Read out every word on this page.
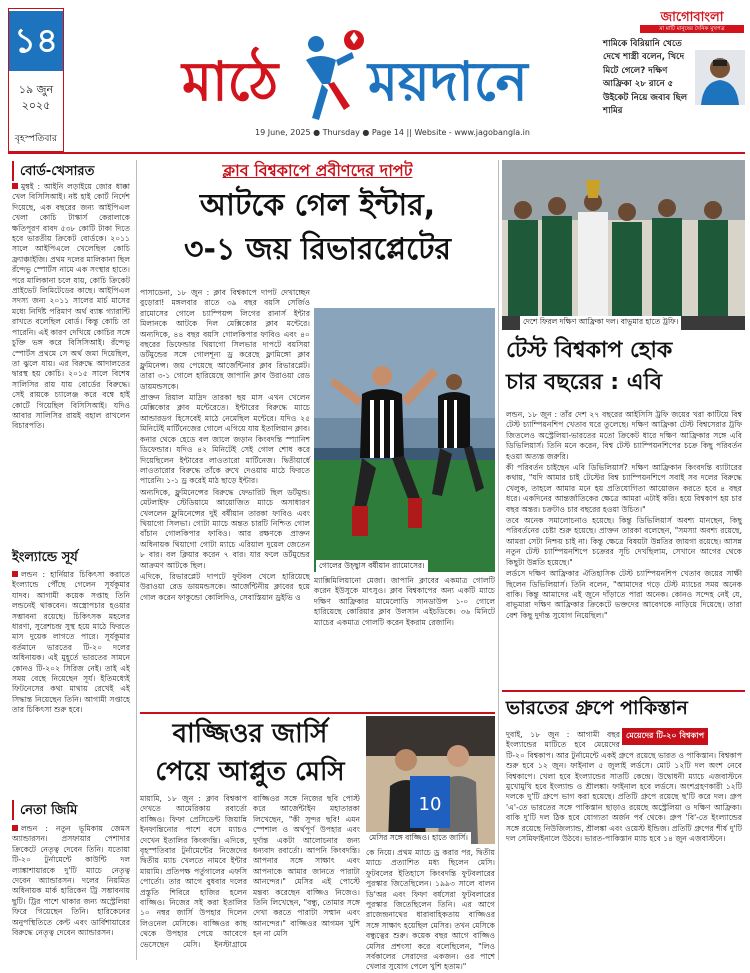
১৪
১৯ জুন
২০২৫
বৃহস্পতিবার
মাঠে ময়দানে
19 June, 2025 ● Thursday ● Page 14 || Website - www.jagobangla.in
জাগোবাংলা
মা মাটি মানুষের দৈনিক মুখপত্র
শামিকে বিরিয়ানি খেতে দেখে শাস্ত্রী বলেন, খিদে মিটে গেলে? দক্ষিণ আফ্রিকা ২৮ রানে ৫ উইকেট নিয়ে জবাব ছিল শামির
বোর্ড-খেসারত

মুম্বই : আইনি লড়াইয়ে জোর ধাক্কা খেল বিসিসিআই। নষ্ট হাই কোর্ট নির্দেশ দিয়েছে, এক বছরের জন্য আইপিএল খেলা কোচি টাস্কার্স কেরালাকে ক্ষতিপূরণ বাবদ ৫৩৮ কোটি টাকা দিতে হবে ভারতীয় ক্রিকেট বোর্ডকে। ২০১১ সালে আইপিএলে খেলেছিল কোচি ফ্র্যাঞ্চাইজি। প্রথম দলের মালিকানা ছিল রঁন্দেভু স্পোর্টস নামে এক সংস্থার হাতে। পরে মালিকানা চলে যায়, কোচি ক্রিকেট প্রাইভেট লিমিটেডের কাছে। আইপিএল সদস্য জন্য ২০১১ সালের মার্চ মাসের মধ্যে নির্দিষ্ট পরিমাণ অর্থ ব্যাঙ্ক গ্যারান্টি রাখতে বলেছিল বোর্ড। কিন্তু কোচি তা পারেনি। এই কারণ দেখিয়ে কোচির সঙ্গে চুক্তি ভঙ্গ করে বিসিসিআই। রঁন্দেভু স্পোর্টস প্রথমে সে অর্থ জমা দিয়েছিল, তা ঝুলে যায়। এর বিরুদ্ধে আদালতের দ্বারস্থ হয় কোচি। ২০১৫ সালে বিশেষ সালিসির রায় যায় বোর্ডের বিরুদ্ধে। সেই রায়কে চ্যালেঞ্জ করে বম্বে হাই কোর্টে গিয়েছিল বিসিসিআই। যদিও আবার সালিসির রায়ই বহাল রাখলেন বিচারপতি।

ইংল্যান্ডে সূর্য

লন্ডন : হার্নিয়ার চিকিৎসা করাতে ইংল্যান্ডে পৌঁছে গেলেন সূর্যকুমার যাদব। আগামী কয়েক সপ্তাহ তিনি লন্ডনেই থাকবেন। অস্ত্রোপচার হওয়ার সম্ভাবনা রয়েছে। চিকিৎসক মহলের ধারণা, সুরেশচন্দ্র সুস্থ হয়ে মাঠে ফিরতে মাস দুয়েক লাগতে পারে। সূর্যকুমার বর্তমানে ভারতের টি-২০ দলের অধিনায়ক। এই মুহূর্তে ভারতের সামনে কোনও টি-২০২ সিরিজ নেই। তাই এই সময় বেছে নিয়েছেন সূর্য। ইতিমধ্যেই ফিটনেসের কথা মাথায় রেখেই এই সিদ্ধান্ত নিয়েছেন তিনি। আগামী সপ্তাহে তার চিকিৎসা শুরু হবে।

নেতা জিমি

লন্ডন : নতুন ভূমিকায় জেমস অ্যান্ডারসন। প্রসফায়ার পেশাদার ক্রিকেটে নেতৃত্ব দেবেন তিনি। যতোয়া টি-২০ টুর্নামেন্টে কাউন্টি দল ল্যাঙ্কাশায়ারকে দু'টি ম্যাচে নেতৃত্ব দেবেন অ্যান্ডারসন। দলের নিয়মিত অধিনায়ক মার্ক হারিকেন ট্রি সম্ভাবনায় ছুটি। ট্রির পাশে থাকার জন্য অস্ট্রেলিয়া ফিরে গিয়েছেন তিনি। হারিকেনের অনুপস্থিতিতে কেন্ট এবং ডার্বিশায়ারের বিরুদ্ধে নেতৃত্ব দেবেন অ্যান্ডারসন।

ক্লাব বিশ্বকাপে প্রবীণদের দাপট
আটকে গেল ইন্টার,
৩-১ জয় রিভারপ্লেটের

পাসাডেনা, ১৮ জুন : ক্লাব বিশ্বকাপে দাপট দেখাচ্ছেন বুড়োরা! মঙ্গলবার রাতে ৩৯ বছর বয়সি সের্জিও রামোসের গোলে চ্যাম্পিয়ন্স লিগের রানার্স ইন্টার মিলানকে আটকে দিল মেক্সিকোর ক্লাব মন্টেরে। অন্যদিকে, ৪৪ বছর বয়সি গোলকিপার ফাবিও এবং ৪০ বছরের ডিফেন্ডার থিয়াগো সিলভার দাপটে বয়সিয়া ডর্টমুন্ডের সঙ্গে গোলশূন্য ড্র করেছে ফ্লামিঙ্গো ক্লাব ফ্লুমিনেন্স। জয় পেয়েছে আর্জেন্টিনার ক্লাব রিভারপ্লেট। তারা ৩-১ গোলে হারিয়েছে জাপানি ক্লাব উরাওয়া রেড ডায়মন্ডসকে।

প্রাক্তন রিয়াল মাদ্রিদ তারকা ছয় মাস এখন খেলেন মেক্সিকোর ক্লাব মন্টেরেতে। ইন্টারের বিরুদ্ধে ম্যাচে আন্ডারডগ হিসেবেই মাঠে নেমেছিল মন্টেরে। যদিও ২৫ মিনিটেই মার্টিনেজের গোলে এগিয়ে যায় ইতালিয়ান ক্লাব। কনার থেকে হেডে বল জালে জড়ান কিংবদন্তি স্প্যানিশ ডিফেন্ডার। যদিও ৪২ মিনিটেই সেই গোল শোধ করে দিয়েছিলেন ইন্টারের লাওতারো মার্টিনেজ। দ্বিতীয়ার্ধে লাওতারোর বিরুদ্ধে তাঁকে রুখে দেওয়ায় মাঠে ফিরতে পারেনি। ১-১ ড্র করেই মাঠ ছাড়ে ইন্টার।

অন্যদিকে, ফ্লুমিনেন্সের বিরুদ্ধে ফেভারিট ছিল ডর্টমুন্ড। মেটলাইফ স্টেডিয়ামে আয়োজিত ম্যাচে অসাধারণ খেললেন ফ্লুমিনেন্সের দুই বর্ষীয়ান তারকা ফাবিও এবং থিয়াগো সিলভা। গোটা ম্যাচে অন্তত চারটি নিশ্চিত গোল বাঁচান গোলকিপার ফাবিও। আর রক্ষণকে প্রাক্তন অধিনায়ক থিয়াগো গোটা ম্যাচে এরিয়াল দুয়েল জেতেন ৮ বার। বল ক্লিয়ার করেন ৭ বার। যার ফলে ডর্টমুন্ডের আক্রমণ আটকে ছিল।

এদিকে, রিভারপ্লেট দাপটে ফুটবল খেলে হারিয়েছে উরাওয়া রেড ডায়মন্ডসকে। আর্জেন্টিনীয় ক্লাবের হয়ে গোল করেন ফাকুন্ডো কোলিদিও, সেবাস্তিয়ান ড্রইভি ও

গোলের উচ্ছ্বাস বর্ষীয়ান র‍্যামোসের।

ম্যাক্সিমিলিয়ানো মেজা। জাপানি ক্লাবের একমাত্র গোলটি করেন ইউসুকে মাৎসুও। ক্লাব বিশ্বকাপের অন্য একটি ম্যাচে দক্ষিণ আফ্রিকার মামেলোডি সানডাউন্স ১-০ গোলে হারিয়েছে কোরিয়ার ক্লাব উলসান এইচডিকে। ৩৬ মিনিটে ম্যাচের একমাত্র গোলটি করেন ইকরাম রেজানি।

বাজ্জিওর জার্সি
পেয়ে আপ্লুত মেসি
10
মেসির সঙ্গে বাজ্জিও। হাতে জার্সি।
মায়ামি, ১৮ জুন : ক্লাব বিশ্বকাপ দেখতে আমেরিকায় রবার্তো বাজ্জিও। ফিফা প্রেসিডেন্ট জিয়ান্নি ইনফান্তিনোর পাশে বসে ম্যাচও দেখেন ইতালির কিংবদন্তি। এদিকে, বৃহস্পতিবার টুর্নামেন্টের নিজেদের দ্বিতীয় ম্যাচ খেলতে নামবে ইন্টার মায়ামি। প্রতিপক্ষ পর্তুগালের এফসি পোর্তো। তার আগে বুধবার দলের প্রস্তুতি শিবিরে হাজির হলেন বাজ্জিও। নিজের সই করা ইতালির ১০ নম্বর জার্সি উপহার দিলেন লিওনেল মেসিকে। বাজ্জিওর কাছ থেকে উপহার পেয়ে আবেগে ভেসেছেন মেসি। ইনস্টাগ্রামে বাজ্জিওর সঙ্গে নিজের ছবি পোস্ট করে আর্জেন্টাইন মহাতারকা লিখেছেন, "কী সুন্দর ছবি! এমন স্পেশাল ও অর্থপূর্ণ উপহার এবং দুর্দান্ত একটা আলোচনার জন্য ধন্যবাদ রবার্তো। আপনি কিংবদন্তি। আপনার সঙ্গে সাক্ষাৎ এবং আপনাকে আমার জানতে পারাটা আনন্দের।" মেসির এই পোস্টে মন্তব্য করেছেন বাজ্জিও নিজেও। তিনি লিখেছেন, "বন্ধু, তোমার সঙ্গে দেখা করতে পারাটা সম্মান এবং আনন্দের।" বাজ্জিওর আগমন খুশি হন না মেসি
কে নিয়ে। প্রথম ম্যাচে ড্র করার পর, দ্বিতীয় ম্যাচে প্রত্যাশিত মধ্য ছিলেন মেসি। ফুটবলের ইতিহাসে কিংবদন্তি ফুটবলারের পুরস্কার জিতেছিলেন। ১৯৯৩ সালে বালন ডি'অর এবং ফিফা বর্ষসেরা ফুটবলারের পুরস্কার জিতেছিলেন তিনি। এর আগে রাজেন্দ্রনাথের ধারাবাহিকতায় বাজ্জিওর সঙ্গে সাক্ষাৎ হয়েছিল মেসির। তখন মেসিকে বন্ধুত্বের শুরু। কয়েক বছর আগে বাজ্জিও মেসির প্রশংসা করে বলেছিলেন, "লিও সর্বকালের সেরাদের একজন। ওর পাশে খেলার সুযোগ পেলে খুশি হতাম।"
দেশে ফিরল দক্ষিণ আফ্রিকা দল। বাভুমার হাতে ট্রফি।
টেস্ট বিশ্বকাপ হোক
চার বছরের : এবি

লন্ডন, ১৮ জুন : তাঁর দেশ ২৭ বছরের আইসিসি ট্রফি জয়ের খরা কাটিয়ে বিশ্ব টেস্ট চ্যাম্পিয়নশিপ খেতাব ঘরে তুলেছে। দক্ষিণ আফ্রিকা টেস্ট বিশ্বসেরার ট্রফি জিতলেও অস্ট্রেলিয়া-ভারতের মতো ক্রিকেট ধারে দক্ষিণ আফ্রিকার সঙ্গে এবি ডিভিলিয়ার্স। তিনি মনে করেন, বিশ্ব টেস্ট চ্যাম্পিয়নশিপের চক্রে কিছু পরিবর্তন হওয়া অত্যন্ত জরুরি।

কী পরিবর্তন চাইছেন এবি ডিভিলিয়ার্স? দক্ষিণ আফ্রিকান কিংবদন্তি ব্যাটারের কথায়, "যদি আমার চাই টেস্টের বিশ্ব চ্যাম্পিয়নশিপে সবাই সব দলের বিরুদ্ধে খেলুক, তাহলে আমার মনে হয় প্রতিযোগিতা আয়োজন করতে হবে ৪ বছর ধরে। একদিনের আন্তর্জাতিকের ক্ষেত্রে আমরা এটাই করি। হয়ে বিশ্বকাপ হয় চার বছর অন্তর। চক্রটাও চার বছরের হওয়া উচিত।"

তবে অনেক সমালোচনাও হয়েছে। কিন্তু ডিভিলিয়ার্স অবশ্য মানছেন, কিছু পরিবর্তনের চেষ্টা শুরু হয়েছে। প্রাক্তন তারকা বলেছেন, "সমস্যা অবশ্য রয়েছে, আমরা সেটা নিশ্চয় চাই না। কিন্তু ক্ষেত্রে বিষয়টা উন্নতির জায়গা রয়েছে। আসন্ন নতুন টেস্ট চ্যাম্পিয়নশিপে চক্রেরর সূচি দেখছিলাম, সেখানে আগের থেকে কিছুটা উন্নতি হয়েছে।"

লর্ডসে দক্ষিণ আফ্রিকার ঐতিহাসিক টেস্ট চ্যাম্পিয়নশিপ খেতাব জয়ের সাক্ষী ছিলেন ডিভিলিয়ার্স। তিনি বলেন, "আমাদের গড়ে টেস্ট ম্যাচের সময় অনেক বাকি। কিন্তু আমাদের এই জুনে দাঁড়াতে পারা অনেক। কোনও সন্দেহ নেই যে, বাভুমারা দক্ষিণ আফ্রিকার ক্রিকেটে ভক্তদের আবেগকে নাড়িয়ে দিয়েছে। তারা বেশ কিছু দুর্দান্ত সুযোগ নিয়েছিল।"

ভারতের গ্রুপে পাকিস্তান
মেয়েদের টি-২০ বিশ্বকাপ
দুবাই, ১৮ জুন : আগামী বছর ইংল্যান্ডের মাটিতে হবে মেয়েদের টি-২০ বিশ্বকাপ। আর টুর্নামেন্টে একই গ্রুপে রয়েছে ভারত ও পাকিস্তান। বিশ্বকাপ শুরু হবে ১২ জুন। ফাইনাল ৫ জুলাই লর্ডসে। মোট ১২টি দল অংশ নেবে বিশ্বকাপে। খেলা হবে ইংল্যান্ডের সাতটি কেন্দ্রে। উদ্বোধনী ম্যাচে এজবাস্টনে মুখোমুখি হবে ইংল্যান্ড ও শ্রীলঙ্কা। ফাইনাল হবে লর্ডসে। অংশগ্রহণকারী ১২টি দলকে দু'টি গ্রুপে ভাগ করা হয়েছে। প্রতিটি গ্রুপে রয়েছে ছ'টি করে দল। গ্রুপ 'এ'-তে ভারতের সঙ্গে পাকিস্তান ছাড়াও রয়েছে অস্ট্রেলিয়া ও দক্ষিণ আফ্রিকা। বাকি দু'টি দল ঠিক হবে যোগ্যতা অর্জন পর্ব থেকে। গ্রুপ 'বি'-তে ইংল্যান্ডের সঙ্গে রয়েছে নিউজিল্যান্ড, শ্রীলঙ্কা এবং ওয়েস্ট ইন্ডিজ। প্রতিটি গ্রুপের শীর্ষ দু'টি দল সেমিফাইনালে উঠবে। ভারত-পাকিস্তান ম্যাচ হবে ১৪ জুন এজবাস্টনে।
